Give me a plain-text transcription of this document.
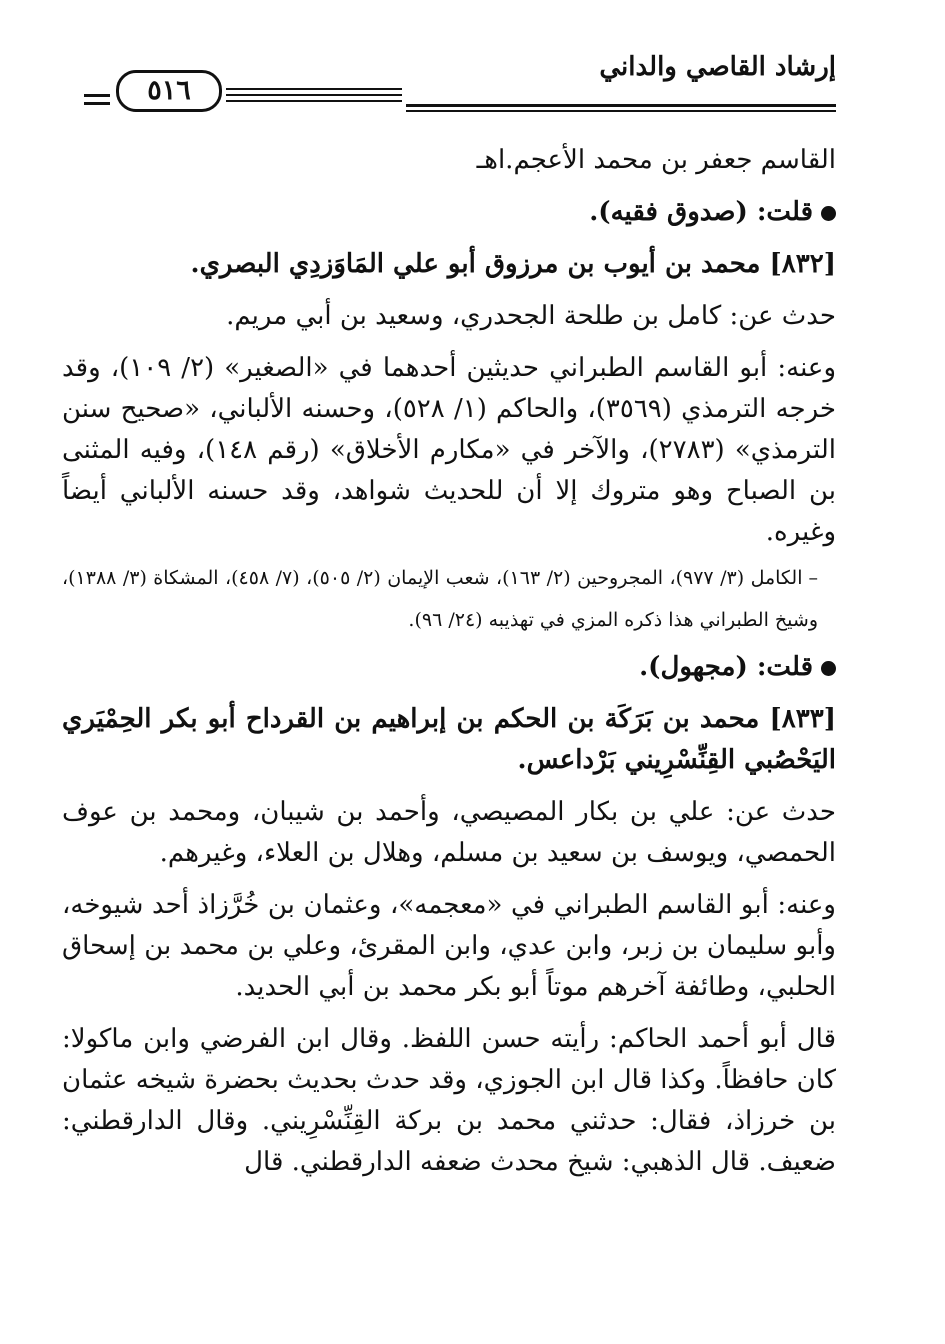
إرشاد القاصي والداني
٥١٦

القاسم جعفر بن محمد الأعجم.اهـ

قلت: (صدوق فقيه).

[٨٣٢] محمد بن أيوب بن مرزوق أبو علي المَاوَزدِي البصري.

حدث عن: كامل بن طلحة الجحدري، وسعيد بن أبي مريم.

وعنه: أبو القاسم الطبراني حديثين أحدهما في «الصغير» (٢/ ١٠٩)، وقد خرجه الترمذي (٣٥٦٩)، والحاكم (١/ ٥٢٨)، وحسنه الألباني، «صحيح سنن الترمذي» (٢٧٨٣)، والآخر في «مكارم الأخلاق» (رقم ١٤٨)، وفيه المثنى بن الصباح وهو متروك إلا أن للحديث شواهد، وقد حسنه الألباني أيضاً وغيره.

–الكامل (٣/ ٩٧٧)، المجروحين (٢/ ١٦٣)، شعب الإيمان (٢/ ٥٠٥)، (٧/ ٤٥٨)، المشكاة (٣/ ١٣٨٨)، وشيخ الطبراني هذا ذكره المزي في تهذيبه (٢٤/ ٩٦).

قلت: (مجهول).

[٨٣٣] محمد بن بَرَكَة بن الحكم بن إبراهيم بن القرداح أبو بكر الحِمْيَري اليَحْصُبي القِنِّسْرِيني بَرْداعس.

حدث عن: علي بن بكار المصيصي، وأحمد بن شيبان، ومحمد بن عوف الحمصي، ويوسف بن سعيد بن مسلم، وهلال بن العلاء، وغيرهم.

وعنه: أبو القاسم الطبراني في «معجمه»، وعثمان بن خُرَّزاذ أحد شيوخه، وأبو سليمان بن زبر، وابن عدي، وابن المقرئ، وعلي بن محمد بن إسحاق الحلبي، وطائفة آخرهم موتاً أبو بكر محمد بن أبي الحديد.

قال أبو أحمد الحاكم: رأيته حسن اللفظ. وقال ابن الفرضي وابن ماكولا: كان حافظاً. وكذا قال ابن الجوزي، وقد حدث بحديث بحضرة شيخه عثمان بن خرزاذ، فقال: حدثني محمد بن بركة القِنِّسْرِيني. وقال الدارقطني: ضعيف. قال الذهبي: شيخ محدث ضعفه الدارقطني. قال
